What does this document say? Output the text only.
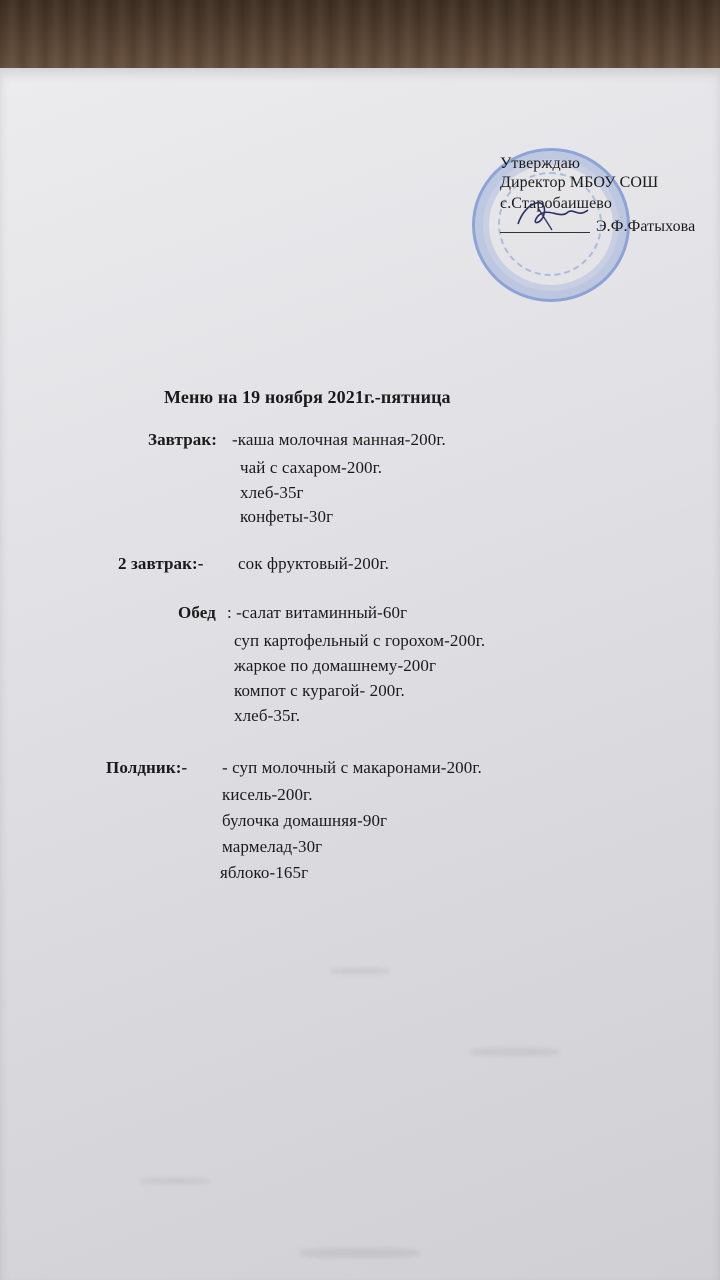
Утверждаю
Директор МБОУ СОШ
с.Старобаишево
Э.Ф.Фатыхова
Меню на 19 ноября 2021г.-пятница
Завтрак: -каша молочная манная-200г.
чай с сахаром-200г.
хлеб-35г
конфеты-30г
2 завтрак:- сок фруктовый-200г.
Обед : -салат витаминный-60г
суп картофельный с горохом-200г.
жаркое по домашнему-200г
компот с курагой- 200г.
хлеб-35г.
Полдник:- - суп молочный с макаронами-200г.
кисель-200г.
булочка домашняя-90г
мармелад-30г
яблоко-165г
